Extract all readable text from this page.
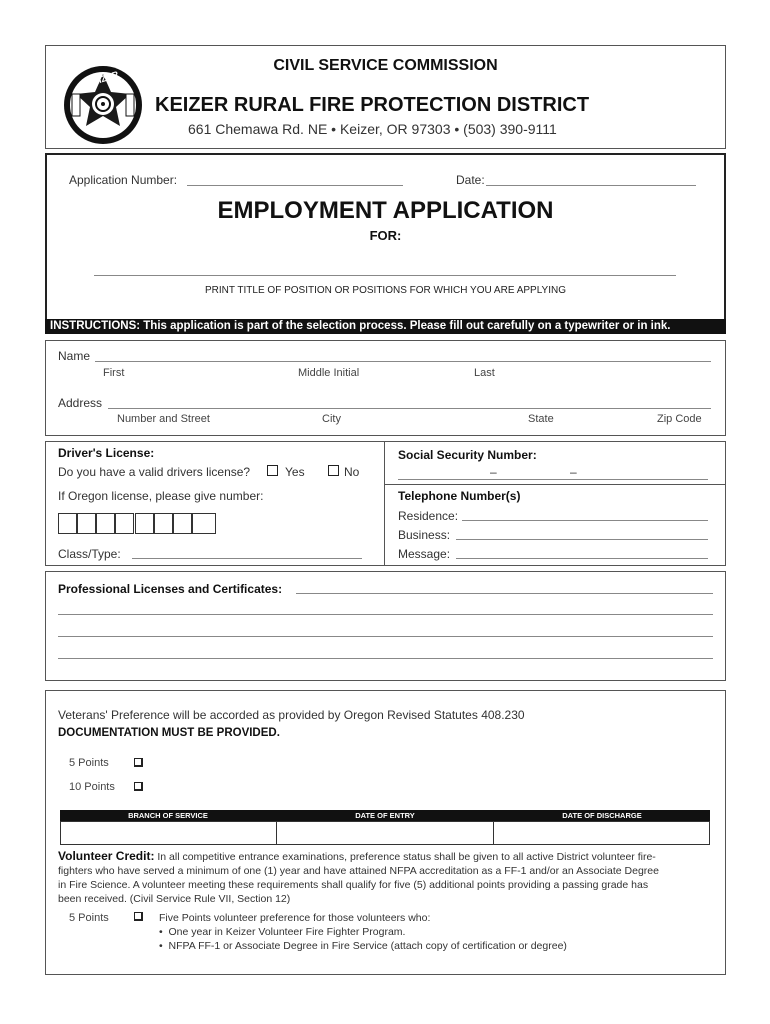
KEIZER
FIRE DISTRICT
CIVIL SERVICE COMMISSION
KEIZER RURAL FIRE PROTECTION DISTRICT
661 Chemawa Rd. NE • Keizer, OR 97303 • (503) 390-9111
Application Number:	Date:
EMPLOYMENT APPLICATION
FOR:
PRINT TITLE OF POSITION OR POSITIONS FOR WHICH YOU ARE APPLYING
INSTRUCTIONS: This application is part of the selection process. Please fill out carefully on a typewriter or in ink.
Name
First	Middle Initial	Last
Address
Number and Street	City	State	Zip Code
Driver's License:
Do you have a valid drivers license?	Yes	No
If Oregon license, please give number:
Class/Type:
Social Security Number:
–	–
Telephone Number(s)
Residence:
Business:
Message:
Professional Licenses and Certificates:
Veterans' Preference will be accorded as provided by Oregon Revised Statutes 408.230
DOCUMENTATION MUST BE PROVIDED.
5 Points
10 Points
BRANCH OF SERVICE	DATE OF ENTRY	DATE OF DISCHARGE
Volunteer Credit: In all competitive entrance examinations, preference status shall be given to all active District volunteer fire-
fighters who have served a minimum of one (1) year and have attained NFPA accreditation as a FF-1 and/or an Associate Degree
in Fire Science. A volunteer meeting these requirements shall qualify for five (5) additional points providing a passing grade has
been received. (Civil Service Rule VII, Section 12)
5 Points	Five Points volunteer preference for those volunteers who:
•  One year in Keizer Volunteer Fire Fighter Program.
•  NFPA FF-1 or Associate Degree in Fire Service (attach copy of certification or degree)
